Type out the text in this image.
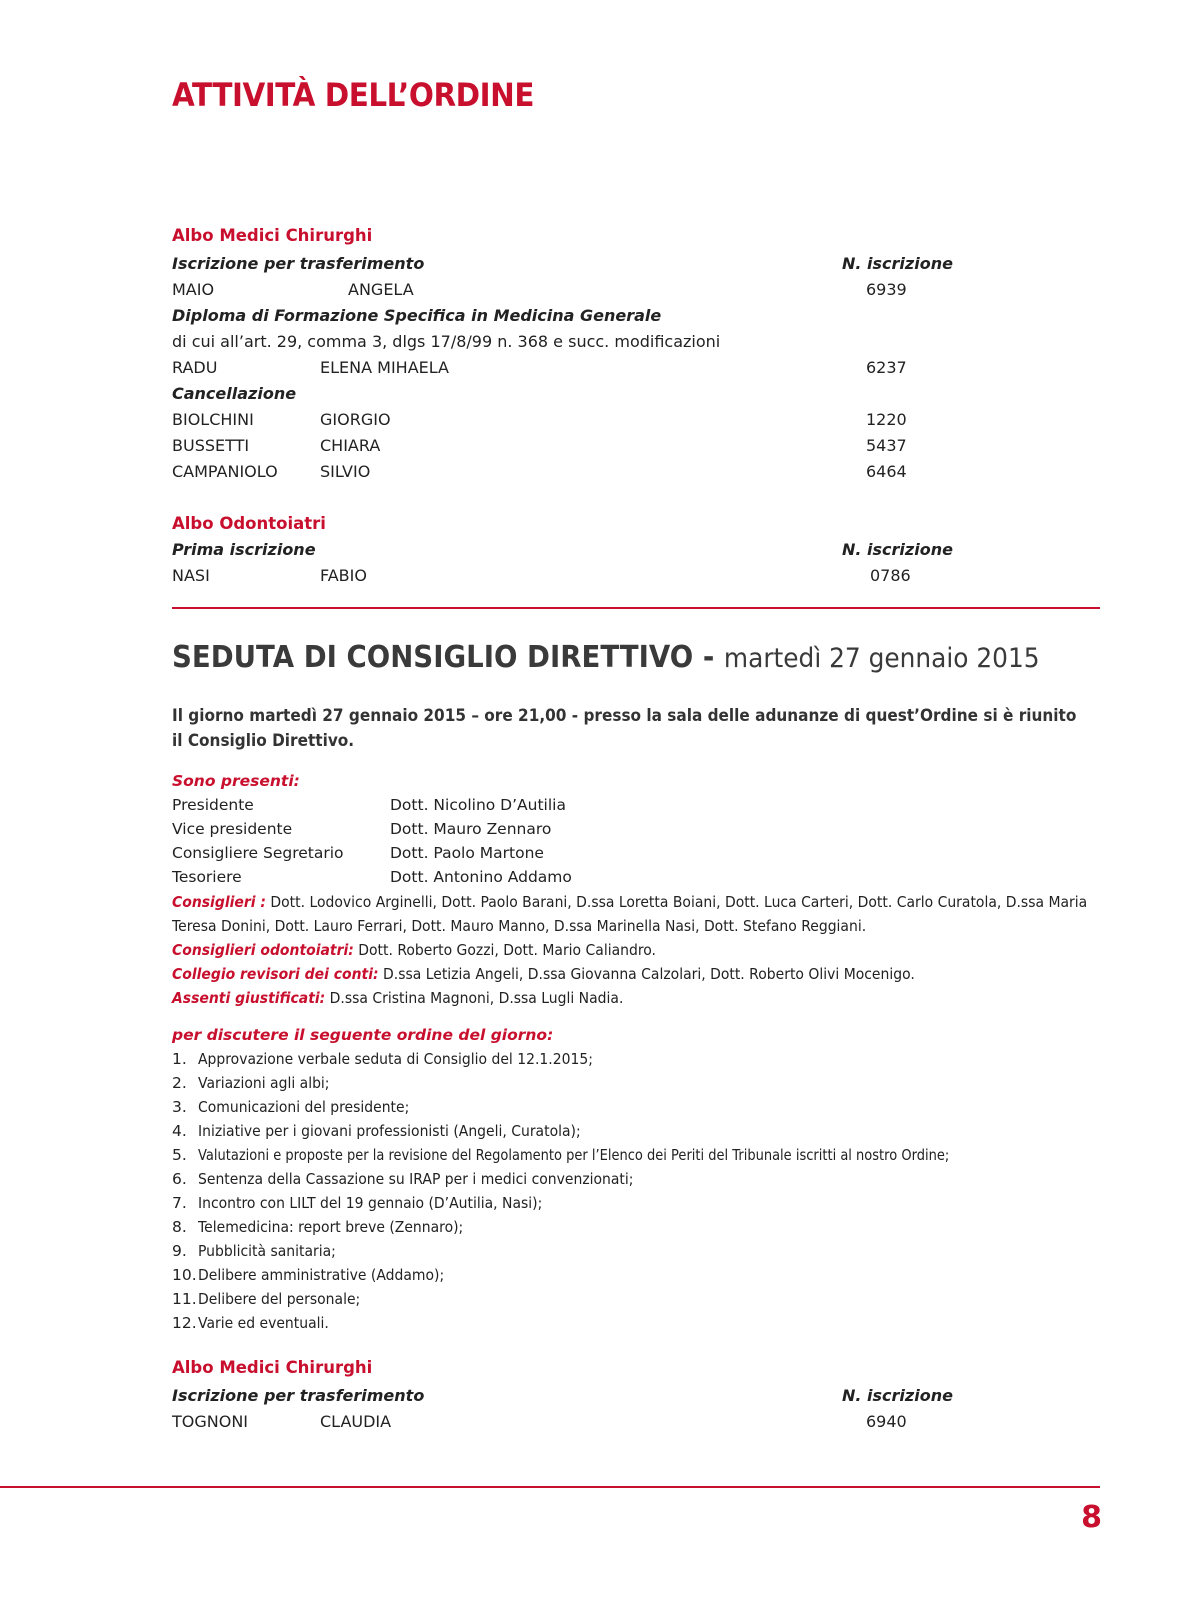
ATTIVITÀ DELL’ORDINE
Albo Medici Chirurghi
Iscrizione per trasferimento	N. iscrizione
MAIO	ANGELA	6939
Diploma di Formazione Specifica in Medicina Generale
di cui all’art. 29, comma 3, dlgs 17/8/99 n. 368 e succ. modificazioni
RADU	ELENA MIHAELA	6237
Cancellazione
BIOLCHINI	GIORGIO	1220
BUSSETTI	CHIARA	5437
CAMPANIOLO	SILVIO	6464
Albo Odontoiatri
Prima iscrizione	N. iscrizione
NASI	FABIO	0786
SEDUTA DI CONSIGLIO DIRETTIVO - martedì 27 gennaio 2015
Il giorno martedì 27 gennaio 2015 – ore 21,00 - presso la sala delle adunanze di quest’Ordine si è riunito il Consiglio Direttivo.
Sono presenti:
Presidente	Dott. Nicolino D’Autilia
Vice presidente	Dott. Mauro Zennaro
Consigliere Segretario	Dott. Paolo Martone
Tesoriere	Dott. Antonino Addamo
Consiglieri : Dott. Lodovico Arginelli, Dott. Paolo Barani, D.ssa Loretta Boiani, Dott. Luca Carteri, Dott. Carlo Curatola, D.ssa Maria Teresa Donini, Dott. Lauro Ferrari, Dott. Mauro Manno, D.ssa Marinella Nasi, Dott. Stefano Reggiani.
Consiglieri odontoiatri: Dott. Roberto Gozzi, Dott. Mario Caliandro.
Collegio revisori dei conti: D.ssa Letizia Angeli, D.ssa Giovanna Calzolari, Dott. Roberto Olivi Mocenigo.
Assenti giustificati: D.ssa Cristina Magnoni, D.ssa Lugli Nadia.
per discutere il seguente ordine del giorno:
1. Approvazione verbale seduta di Consiglio del 12.1.2015;
2. Variazioni agli albi;
3. Comunicazioni del presidente;
4. Iniziative per i giovani professionisti (Angeli, Curatola);
5. Valutazioni e proposte per la revisione del Regolamento per l’Elenco dei Periti del Tribunale iscritti al nostro Ordine;
6. Sentenza della Cassazione su IRAP per i medici convenzionati;
7. Incontro con LILT del 19 gennaio (D’Autilia, Nasi);
8. Telemedicina: report breve (Zennaro);
9. Pubblicità sanitaria;
10. Delibere amministrative (Addamo);
11. Delibere del personale;
12. Varie ed eventuali.
Albo Medici Chirurghi
Iscrizione per trasferimento	N. iscrizione
TOGNONI	CLAUDIA	6940
8
